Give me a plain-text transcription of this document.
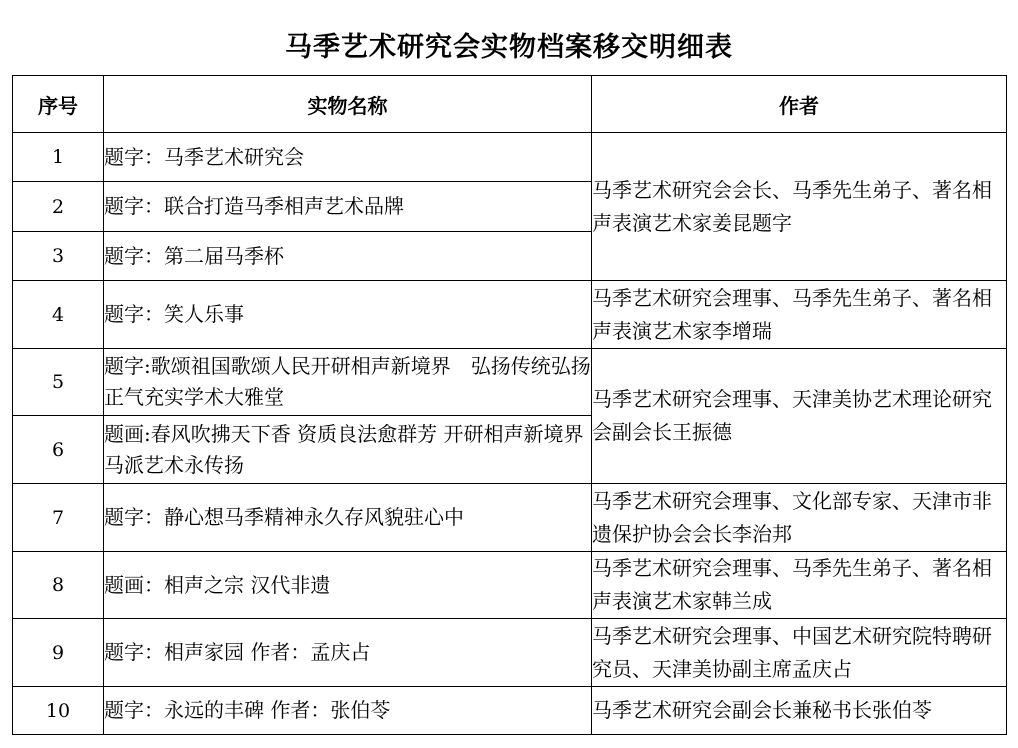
马季艺术研究会实物档案移交明细表
序号	实物名称	作者
1	题字：马季艺术研究会	马季艺术研究会会长、马季先生弟子、著名相声表演艺术家姜昆题字
2	题字：联合打造马季相声艺术品牌	
3	题字：第二届马季杯	
4	题字：笑人乐事	马季艺术研究会理事、马季先生弟子、著名相声表演艺术家李增瑞
5	题字:歌颂祖国歌颂人民开研相声新境界　弘扬传统弘扬正气充实学术大雅堂	马季艺术研究会理事、天津美协艺术理论研究会副会长王振德
6	题画:春风吹拂天下香 资质良法愈群芳 开研相声新境界 马派艺术永传扬	
7	题字：静心想马季精神永久存风貌驻心中	马季艺术研究会理事、文化部专家、天津市非遗保护协会会长李治邦
8	题画：相声之宗 汉代非遗	马季艺术研究会理事、马季先生弟子、著名相声表演艺术家韩兰成
9	题字：相声家园 作者：孟庆占	马季艺术研究会理事、中国艺术研究院特聘研究员、天津美协副主席孟庆占
10	题字：永远的丰碑 作者：张伯苓	马季艺术研究会副会长兼秘书长张伯苓
